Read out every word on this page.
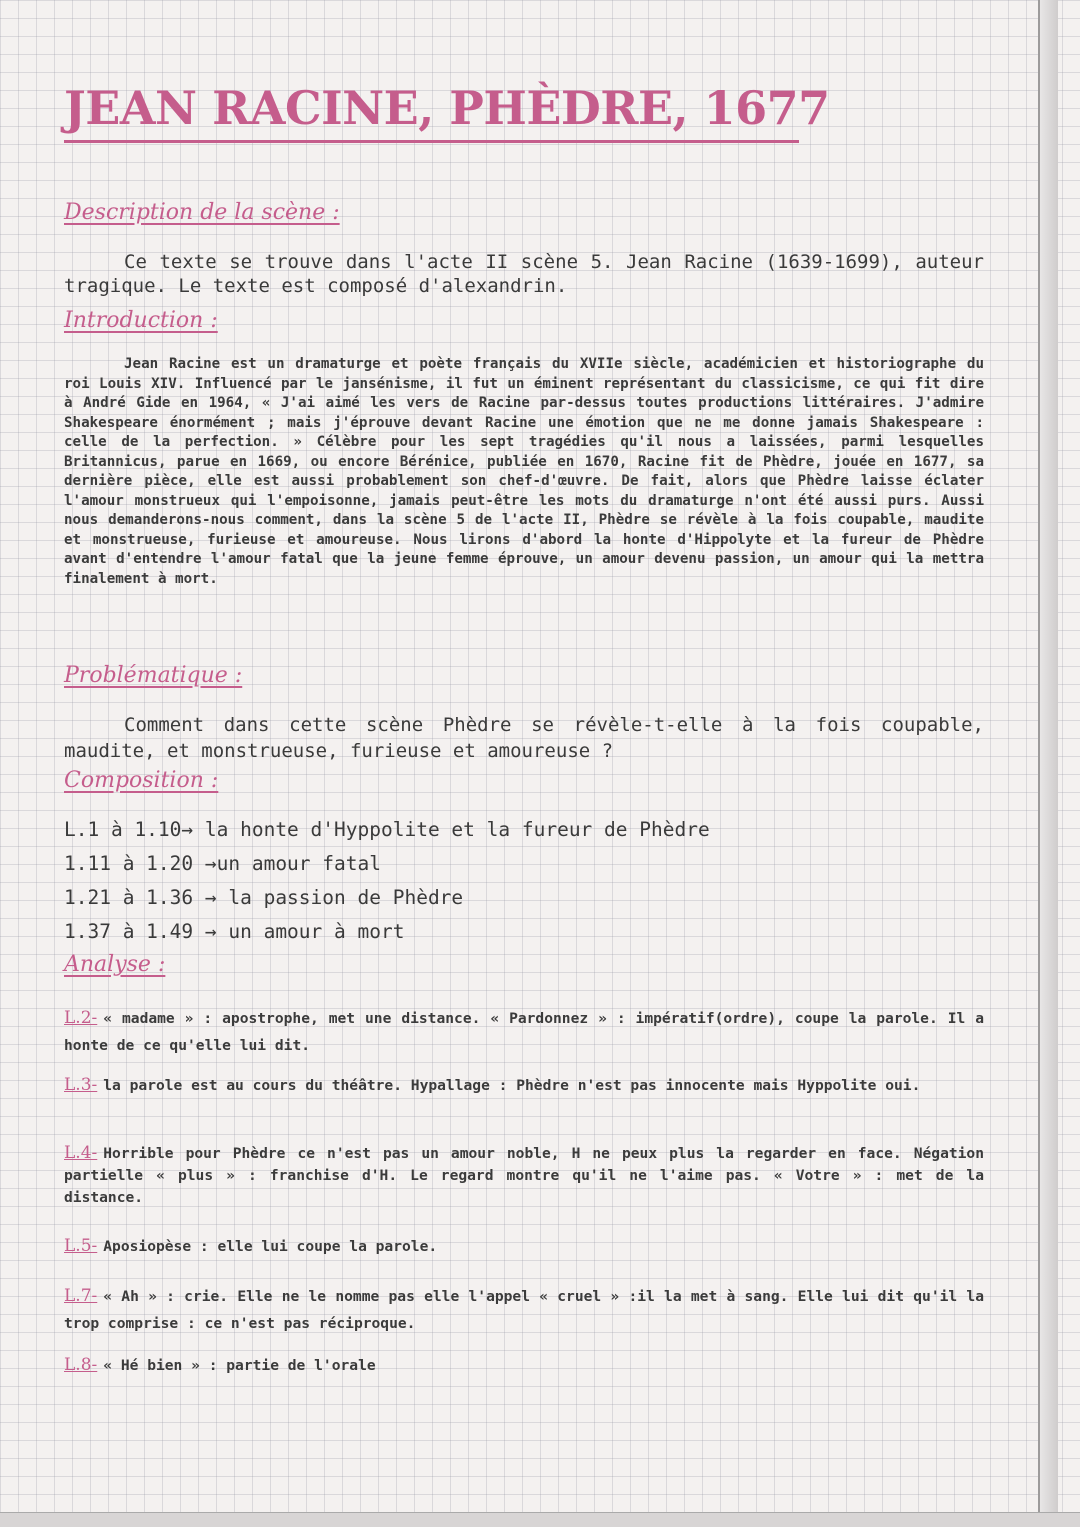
JEAN RACINE, PHÈDRE, 1677
Description de la scène :
Ce texte se trouve dans l'acte II scène 5. Jean Racine (1639-1699), auteur tragique. Le texte est composé d'alexandrin.
Introduction :
Jean Racine est un dramaturge et poète français du XVIIe siècle, académicien et historiographe du roi Louis XIV. Influencé par le jansénisme, il fut un éminent représentant du classicisme, ce qui fit dire à André Gide en 1964, « J'ai aimé les vers de Racine par-dessus toutes productions littéraires. J'admire Shakespeare énormément ; mais j'éprouve devant Racine une émotion que ne me donne jamais Shakespeare : celle de la perfection. » Célèbre pour les sept tragédies qu'il nous a laissées, parmi lesquelles Britannicus, parue en 1669, ou encore Bérénice, publiée en 1670, Racine fit de Phèdre, jouée en 1677, sa dernière pièce, elle est aussi probablement son chef-d'œuvre. De fait, alors que Phèdre laisse éclater l'amour monstrueux qui l'empoisonne, jamais peut-être les mots du dramaturge n'ont été aussi purs. Aussi nous demanderons-nous comment, dans la scène 5 de l'acte II, Phèdre se révèle à la fois coupable, maudite et monstrueuse, furieuse et amoureuse. Nous lirons d'abord la honte d'Hippolyte et la fureur de Phèdre avant d'entendre l'amour fatal que la jeune femme éprouve, un amour devenu passion, un amour qui la mettra finalement à mort.
Problématique :
Comment dans cette scène Phèdre se révèle-t-elle à la fois coupable, maudite, et monstrueuse, furieuse et amoureuse ?
Composition :
L.1 à 1.10→ la honte d'Hyppolite et la fureur de Phèdre
1.11 à 1.20 →un amour fatal
1.21 à 1.36 → la passion de Phèdre
1.37 à 1.49 → un amour à mort
Analyse :
L.2- « madame » : apostrophe, met une distance. « Pardonnez » : impératif(ordre), coupe la parole. Il a honte de ce qu'elle lui dit.
L.3- la parole est au cours du théâtre. Hypallage : Phèdre n'est pas innocente mais Hyppolite oui.
L.4- Horrible pour Phèdre ce n'est pas un amour noble, H ne peux plus la regarder en face. Négation partielle « plus » : franchise d'H. Le regard montre qu'il ne l'aime pas. « Votre » : met de la distance.
L.5- Aposiopèse : elle lui coupe la parole.
L.7- « Ah » : crie. Elle ne le nomme pas elle l'appel « cruel » :il la met à sang. Elle lui dit qu'il la trop comprise : ce n'est pas réciproque.
L.8- « Hé bien » : partie de l'orale
